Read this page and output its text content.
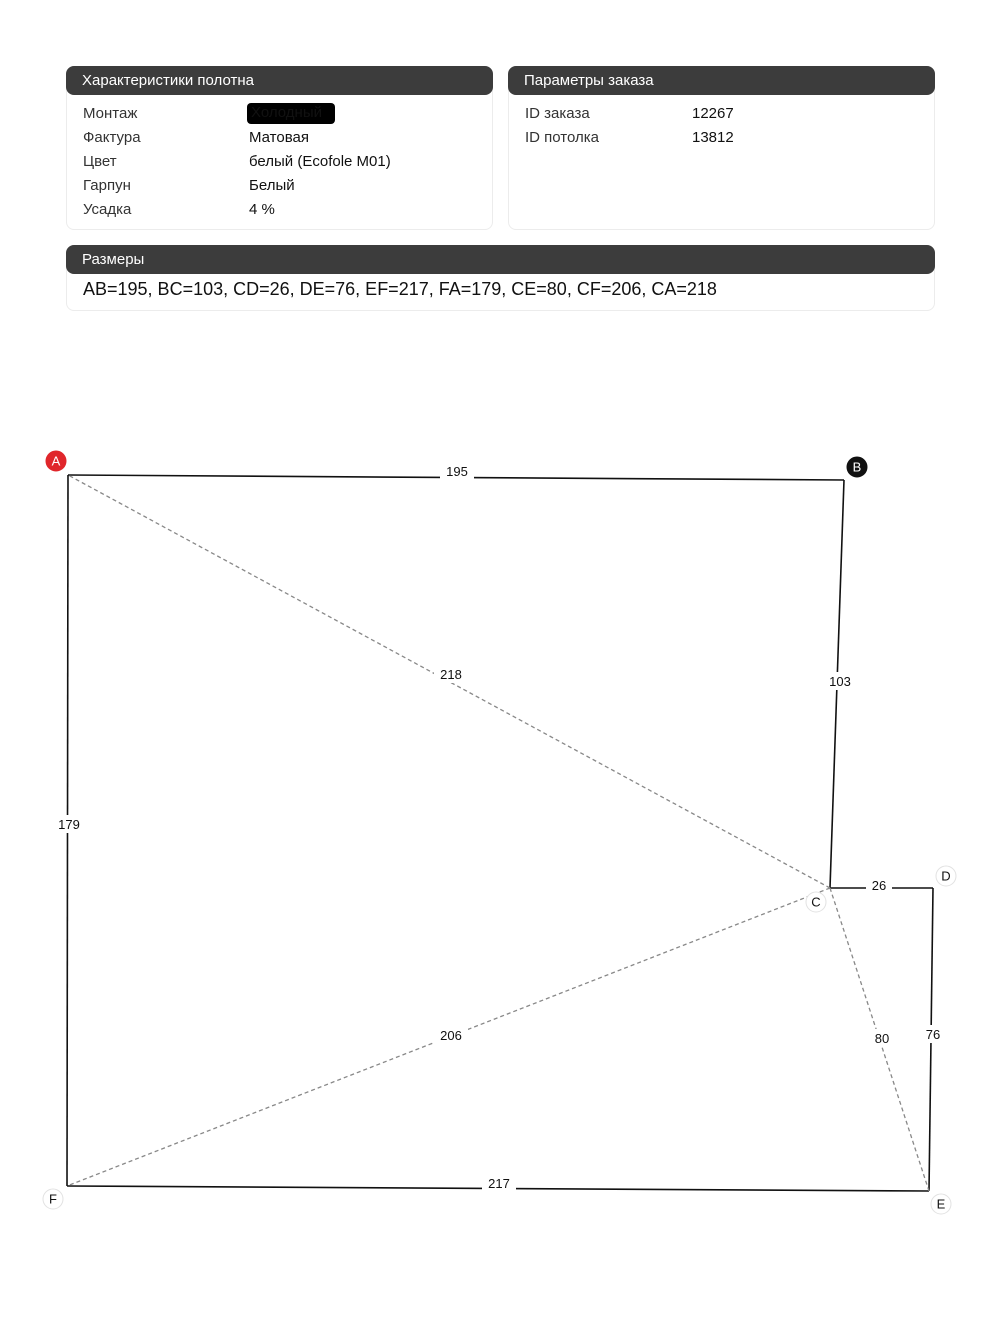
Характеристики полотна
Монтаж	Холодный
Фактура	Матовая
Цвет	белый (Ecofole M01)
Гарпун	Белый
Усадка	4 %
Параметры заказа
ID заказа	12267
ID потолка	13812
Размеры
AB=195, BC=103, CD=26, DE=76, EF=217, FA=179, CE=80, CF=206, CA=218
195
103
26
76
217
179
218
206	80
A	B
C
D
E
F
